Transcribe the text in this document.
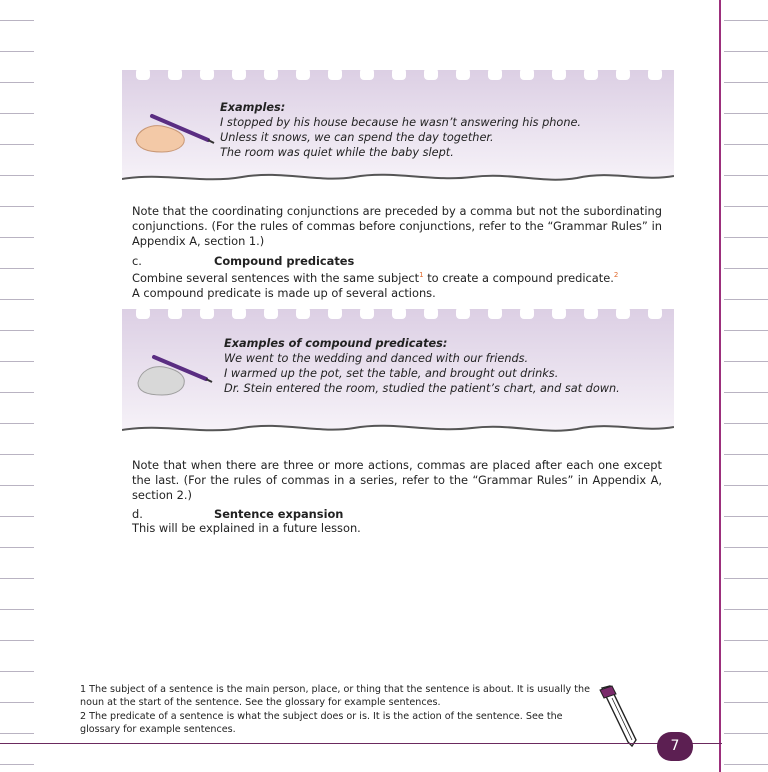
Examples:
I stopped by his house because he wasn’t answering his phone.
Unless it snows, we can spend the day together.
The room was quiet while the baby slept.
Note that the coordinating conjunctions are preceded by a comma but not the subordinating conjunctions. (For the rules of commas before conjunctions, refer to the “Grammar Rules” in Appendix A, section 1.)
c.	Compound predicates
Combine several sentences with the same subject$^1$ to create a compound predicate.$^2$
A compound predicate is made up of several actions.
Examples of compound predicates:
We went to the wedding and danced with our friends.
I warmed up the pot, set the table, and brought out drinks.
Dr. Stein entered the room, studied the patient’s chart, and sat down.
Note that when there are three or more actions, commas are placed after each one except the last. (For the rules of commas in a series, refer to the “Grammar Rules” in Appendix A, section 2.)
d.	Sentence expansion
This will be explained in a future lesson.
1 The subject of a sentence is the main person, place, or thing that the sentence is about. It is usually the noun at the start of the sentence. See the glossary for example sentences.
2 The predicate of a sentence is what the subject does or is. It is the action of the sentence. See the glossary for example sentences.
7
